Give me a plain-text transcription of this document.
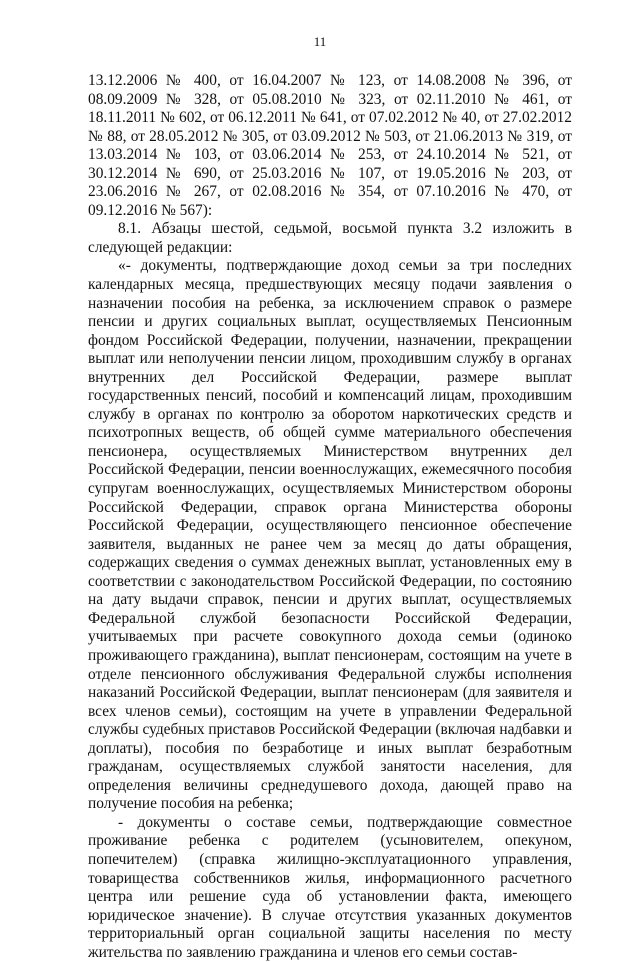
11

13.12.2006 № 400, от 16.04.2007 № 123, от 14.08.2008 № 396, от 08.09.2009 № 328, от 05.08.2010 № 323, от 02.11.2010 № 461, от 18.11.2011 № 602, от 06.12.2011 № 641, от 07.02.2012 № 40, от 27.02.2012 № 88, от 28.05.2012 № 305, от 03.09.2012 № 503, от 21.06.2013 № 319, от 13.03.2014 № 103, от 03.06.2014 № 253, от 24.10.2014 № 521, от 30.12.2014 № 690, от 25.03.2016 № 107, от 19.05.2016 № 203, от 23.06.2016 № 267, от 02.08.2016 № 354, от 07.10.2016 № 470, от 09.12.2016 № 567):

8.1. Абзацы шестой, седьмой, восьмой пункта 3.2 изложить в следующей редакции:

«- документы, подтверждающие доход семьи за три последних календарных месяца, предшествующих месяцу подачи заявления о назначении пособия на ребенка, за исключением справок о размере пенсии и других социальных выплат, осуществляемых Пенсионным фондом Российской Федерации, получении, назначении, прекращении выплат или неполучении пенсии лицом, проходившим службу в органах внутренних дел Российской Федерации, размере выплат государственных пенсий, пособий и компенсаций лицам, проходившим службу в органах по контролю за оборотом наркотических средств и психотропных веществ, об общей сумме материального обеспечения пенсионера, осуществляемых Министерством внутренних дел Российской Федерации, пенсии военнослужащих, ежемесячного пособия супругам военнослужащих, осуществляемых Министерством обороны Российской Федерации, справок органа Министерства обороны Российской Федерации, осуществляющего пенсионное обеспечение заявителя, выданных не ранее чем за месяц до даты обращения, содержащих сведения о суммах денежных выплат, установленных ему в соответствии с законодательством Российской Федерации, по состоянию на дату выдачи справок, пенсии и других выплат, осуществляемых Федеральной службой безопасности Российской Федерации, учитываемых при расчете совокупного дохода семьи (одиноко проживающего гражданина), выплат пенсионерам, состоящим на учете в отделе пенсионного обслуживания Федеральной службы исполнения наказаний Российской Федерации, выплат пенсионерам (для заявителя и всех членов семьи), состоящим на учете в управлении Федеральной службы судебных приставов Российской Федерации (включая надбавки и доплаты), пособия по безработице и иных выплат безработным гражданам, осуществляемых службой занятости населения, для определения величины среднедушевого дохода, дающей право на получение пособия на ребенка;

- документы о составе семьи, подтверждающие совместное проживание ребенка с родителем (усыновителем, опекуном, попечителем) (справка жилищно-эксплуатационного управления, товарищества собственников жилья, информационного расчетного центра или решение суда об установлении факта, имеющего юридическое значение). В случае отсутствия указанных документов территориальный орган социальной защиты населения по месту жительства по заявлению гражданина и членов его семьи состав-
